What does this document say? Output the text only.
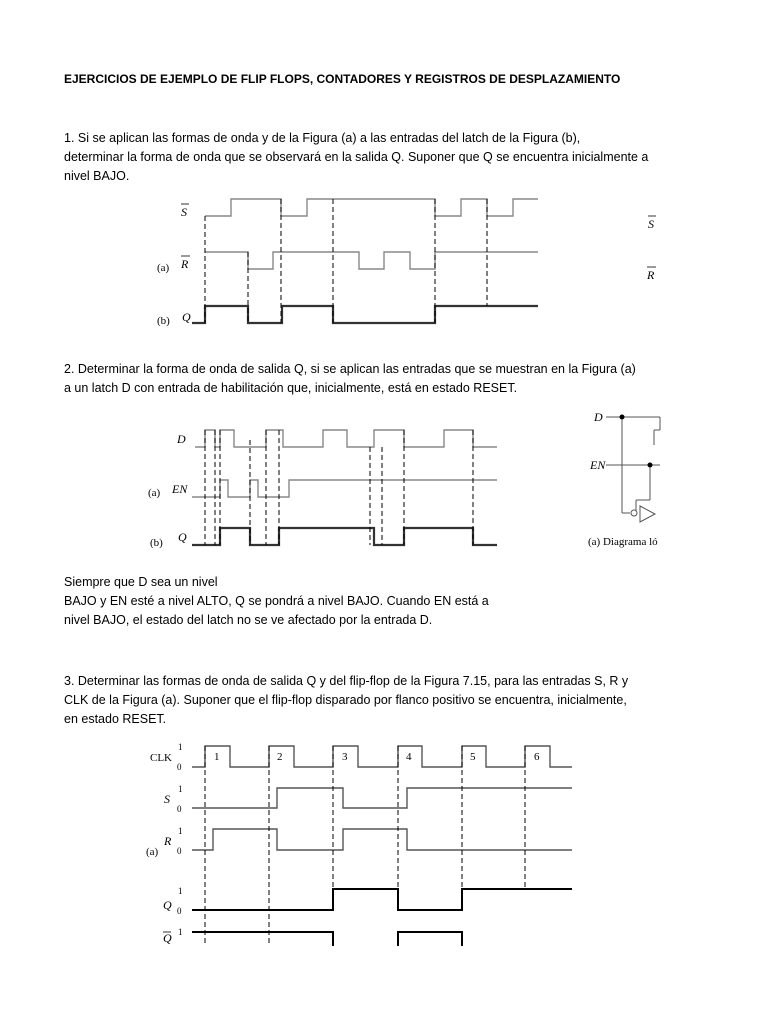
EJERCICIOS DE EJEMPLO DE FLIP FLOPS, CONTADORES Y REGISTROS DE DESPLAZAMIENTO
1. Si se aplican las formas de onda y de la Figura (a) a las entradas del latch de la Figura (b),
determinar la forma de onda que se observará en la salida Q. Suponer que Q se encuentra inicialmente a
nivel BAJO.
2. Determinar la forma de onda de salida Q, si se aplican las entradas que se muestran en la Figura (a)
a un latch D con entrada de habilitación que, inicialmente, está en estado RESET.
Siempre que D sea un nivel
BAJO y EN esté a nivel ALTO, Q se pondrá a nivel BAJO. Cuando EN está a
nivel BAJO, el estado del latch no se ve afectado por la entrada D.
3. Determinar las formas de onda de salida Q y del flip-flop de la Figura 7.15, para las entradas S, R y
CLK de la Figura (a). Suponer que el flip-flop disparado por flanco positivo se encuentra, inicialmente,
en estado RESET.
S
(a) R
(b) Q
S
R
D
(a) EN
(b) Q
D
EN
(a) Diagrama ló
1	2	3	4	5	6
CLK
1
0
S
1
0
(a)
R
1
0
Q
1
0
Q 1
